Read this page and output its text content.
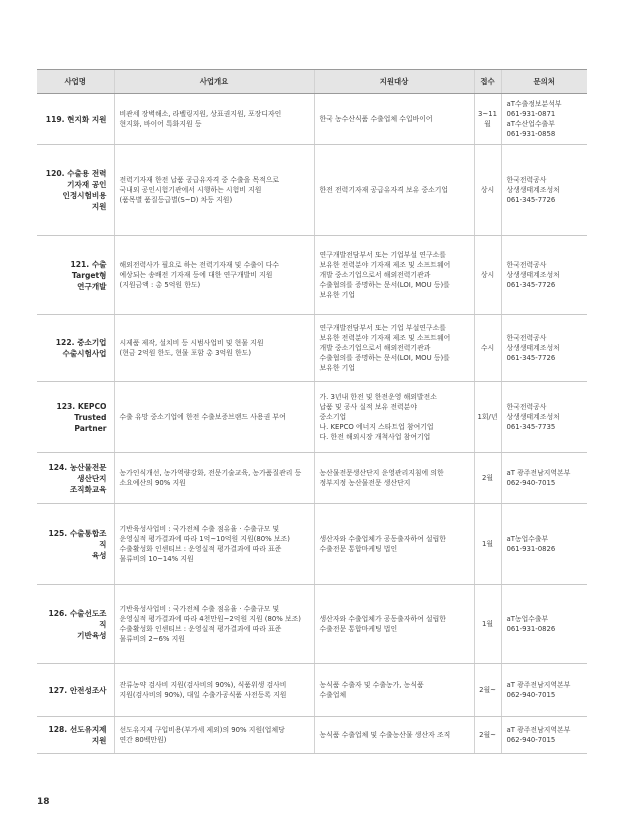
사업명	사업개요	지원대상	접수	문의처
119. 현지화 지원	비관세 장벽해소, 라벨링지원, 상표권지원, 포장디자인
현지화, 바이어 특화지원 등	한국 농수산식품 수출업체 수입바이어	3~11
월	aT수출정보분석부
061-931-0871
aT수산업수출부
061-931-0858
120. 수출용 전력
기자재 공인
인정시험비용
지원	전력기자재 한전 납품 공급유자격 중 수출을 목적으로
국내외 공인시험기관에서 시행하는 시험비 지원
(품목별 품질등급별(S~D) 차등 지원)	한전 전력기자재 공급유자격 보유 중소기업	상시	한국전력공사
상생생태계조성처
061-345-7726
121. 수출
Target형
연구개발	해외전력사가 필요로 하는 전력기자재 및 수출이 다수
예상되는 송배전 기자재 등에 대한 연구개발비 지원
(지원금액 : 총 5억원 한도)	연구개발전담부서 또는 기업부설 연구소를
보유한 전력분야 기자재 제조 및 소프트웨어
개발 중소기업으로서 해외전력기관과
수출협의를 증명하는 문서(LOI, MOU 등)를
보유한 기업	상시	한국전력공사
상생생태계조성처
061-345-7726
122. 중소기업
수출시험사업	시제품 제작, 설치비 등 시범사업비 및 현물 지원
(현금 2억원 한도, 현물 포함 총 3억원 한도)	연구개발전담부서 또는 기업 부설연구소를
보유한 전력분야 기자재 제조 및 소프트웨어
개발 중소기업으로서 해외전력기관과
수출협의를 증명하는 문서(LOI, MOU 등)를
보유한 기업	수시	한국전력공사
상생생태계조성처
061-345-7726
123. KEPCO
Trusted
Partner	수출 유망 중소기업에 한전 수출보증브랜드 사용권 부여	가. 3년내 한전 및 한전운영 해외발전소
납품 및 공사 실적 보유 전력분야
중소기업
나. KEPCO 에너지 스타트업 참여기업
다. 한전 해외시장 개척사업 참여기업	1회/년	한국전력공사
상생생태계조성처
061-345-7735
124. 농산물전문
생산단지
조직화교육	농가인식개선, 농가역량강화, 전문기술교육, 농가품질관리 등
소요예산의 90% 지원	농산물전문생산단지 운영관리지침에 의한
정부지정 농산물전문 생산단지	2월	aT 광주전남지역본부
062-940-7015
125. 수출통합조직
육성	기반육성사업비 : 국가전체 수출 점유율 · 수출규모 및
운영실적 평가결과에 따라 1억~10억원 지원(80% 보조)
수출활성화 인센티브 : 운영실적 평가결과에 따라 표준
물류비의 10~14% 지원	생산자와 수출업체가 공동출자하여 설립한
수출전문 통합마케팅 법인	1월	aT농업수출부
061-931-0826
126. 수출선도조직
기반육성	기반육성사업비 : 국가전체 수출 점유율 · 수출규모 및
운영실적 평가결과에 따라 4천만원~2억원 지원 (80% 보조)
수출활성화 인센티브 : 운영실적 평가결과에 따라 표준
물류비의 2~6% 지원	생산자와 수출업체가 공동출자하여 설립한
수출전문 통합마케팅 법인	1월	aT농업수출부
061-931-0826
127. 안전성조사	잔류농약 검사비 지원(검사비의 90%), 식품위생 검사비
지원(검사비의 90%), 대일 수출가공식품 사전등록 지원	농식품 수출자 및 수출농가, 농식품
수출업체	2월~	aT 광주전남지역본부
062-940-7015
128. 선도유지제
지원	선도유지제 구입비용(부가세 제외)의 90% 지원(업체당
연간 80백만원)	농식품 수출업체 및 수출농산물 생산자 조직	2월~	aT 광주전남지역본부
062-940-7015
18
